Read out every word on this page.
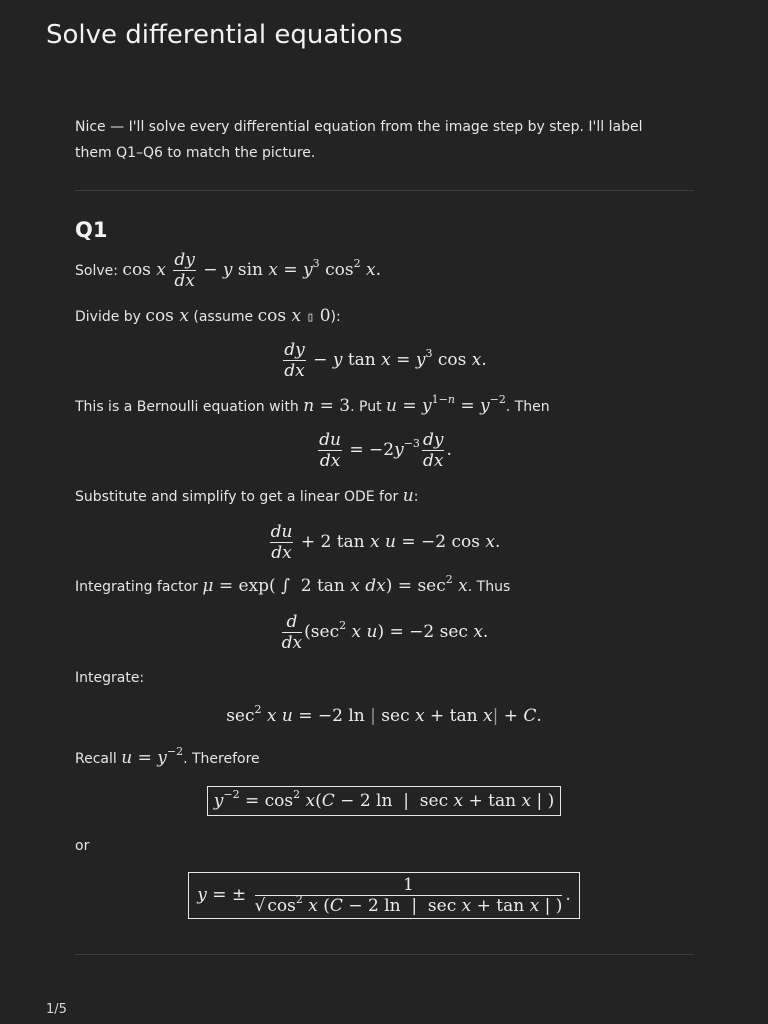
Solve differential equations
Nice — I'll solve every differential equation from the image step by step. I'll label them Q1–Q6 to match the picture.
Q1
Solve: cos x $\frac{dy}{dx} - y$ $\sin x = y^3$ $\cos^2 x$.
Divide by cos x (assume cos x ▯ 0):
$\frac{dy}{dx} - y$ $\tan x = y^3$ cos x.
This is a Bernoulli equation with n = 3. Put $u = y^{1-n} = y^{-2}$. Then
$\frac{du}{dx} = -2y^{-3} \frac{dy}{dx}$ .
Substitute and simplify to get a linear ODE for u:
$\frac{du}{dx} + 2$ tan x u = −2 cos x.
Integrating factor μ = exp( ∫  2 tan x $dx) = \sec^2 x$. Thus
$\frac{d}{dx} (\sec^2$ x u) = −2 sec x.
Integrate:
$\sec^2 x$ u = −2 ln | sec x + tan x| + C.
Recall $u = y^{-2}$. Therefore
$y^{-2} = \cos^2 x(C - 2$ ln  |  sec x + tan x | )
or
y = ± $\frac{1}{√ \cos^2 x (C - 2 \ln | \sec x + \tan x | )}$ .
1/5
